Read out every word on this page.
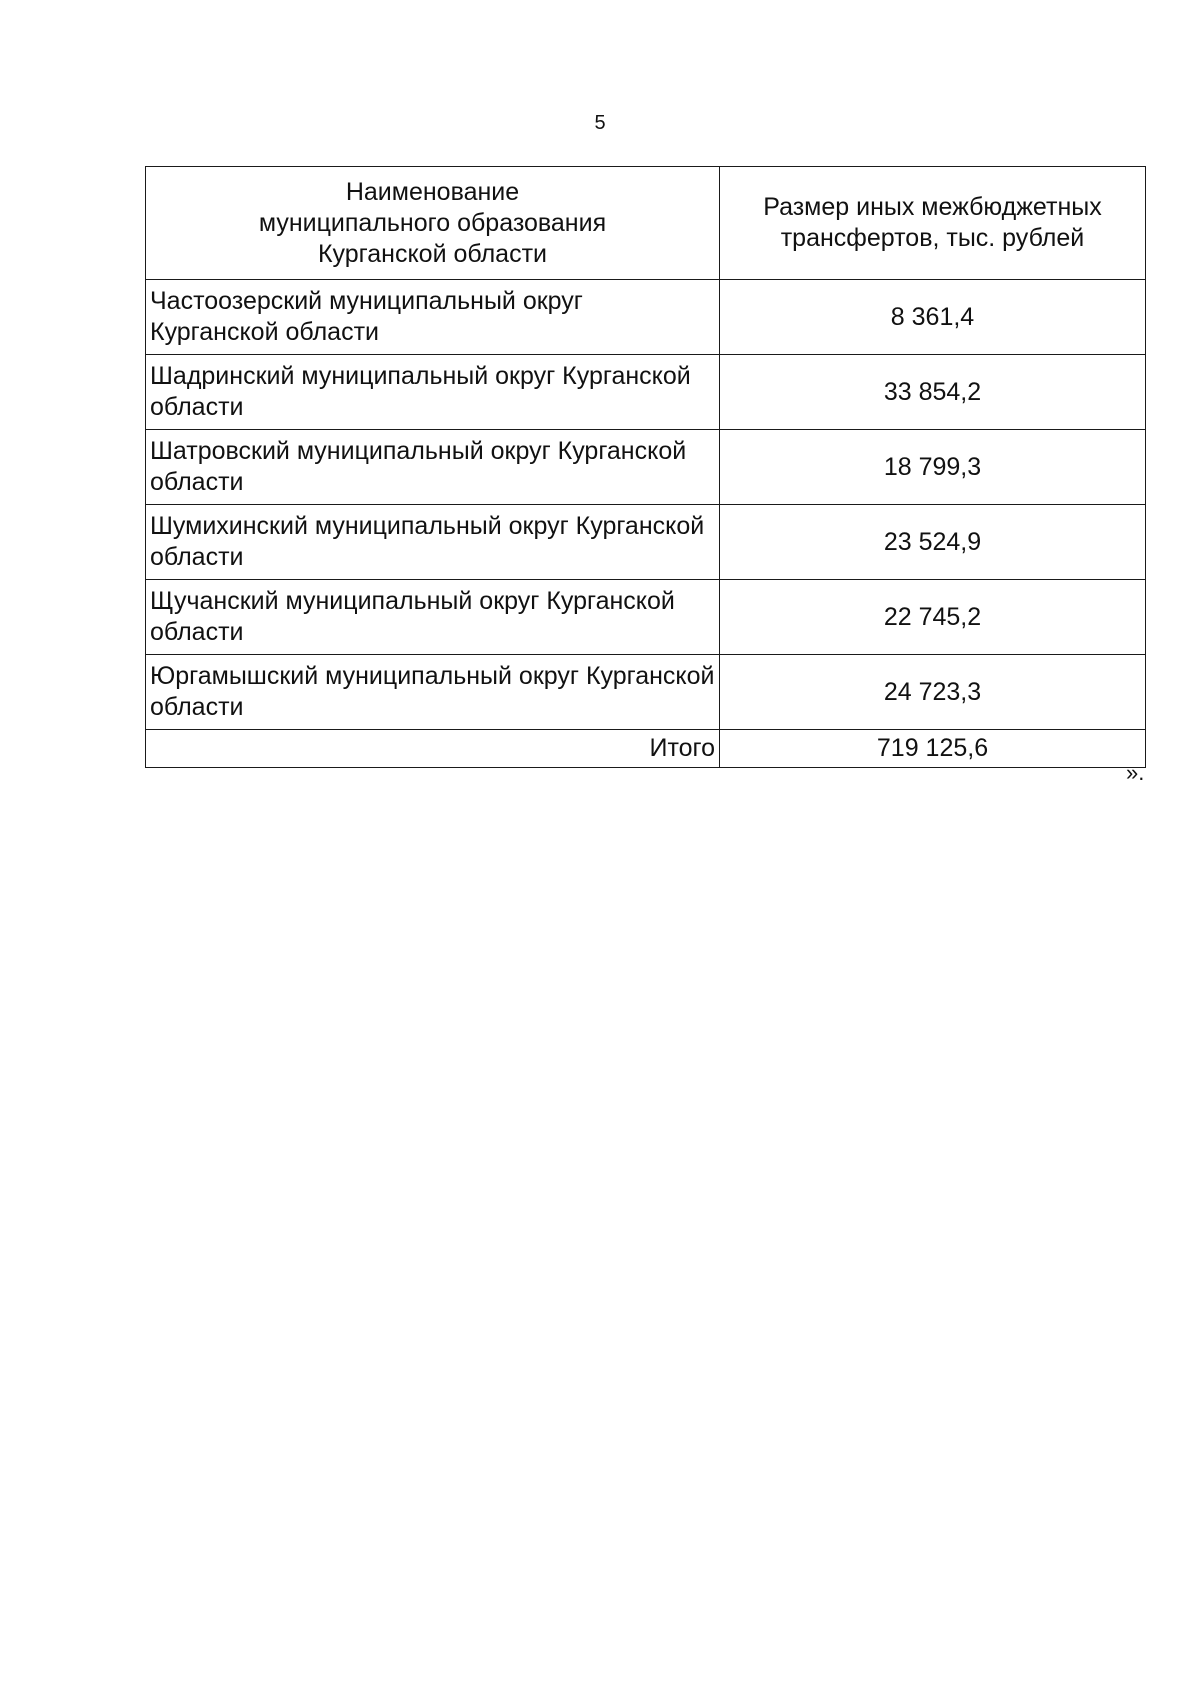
5
Наименование муниципального образования Курганской области	Размер иных межбюджетных трансфертов, тыс. рублей
Частоозерский муниципальный округ Курганской области	8 361,4
Шадринский муниципальный округ Курганской области	33 854,2
Шатровский муниципальный округ Курганской области	18 799,3
Шумихинский муниципальный округ Курганской области	23 524,9
Щучанский муниципальный округ Курганской области	22 745,2
Юргамышский муниципальный округ Курганской области	24 723,3
Итого	719 125,6
».
